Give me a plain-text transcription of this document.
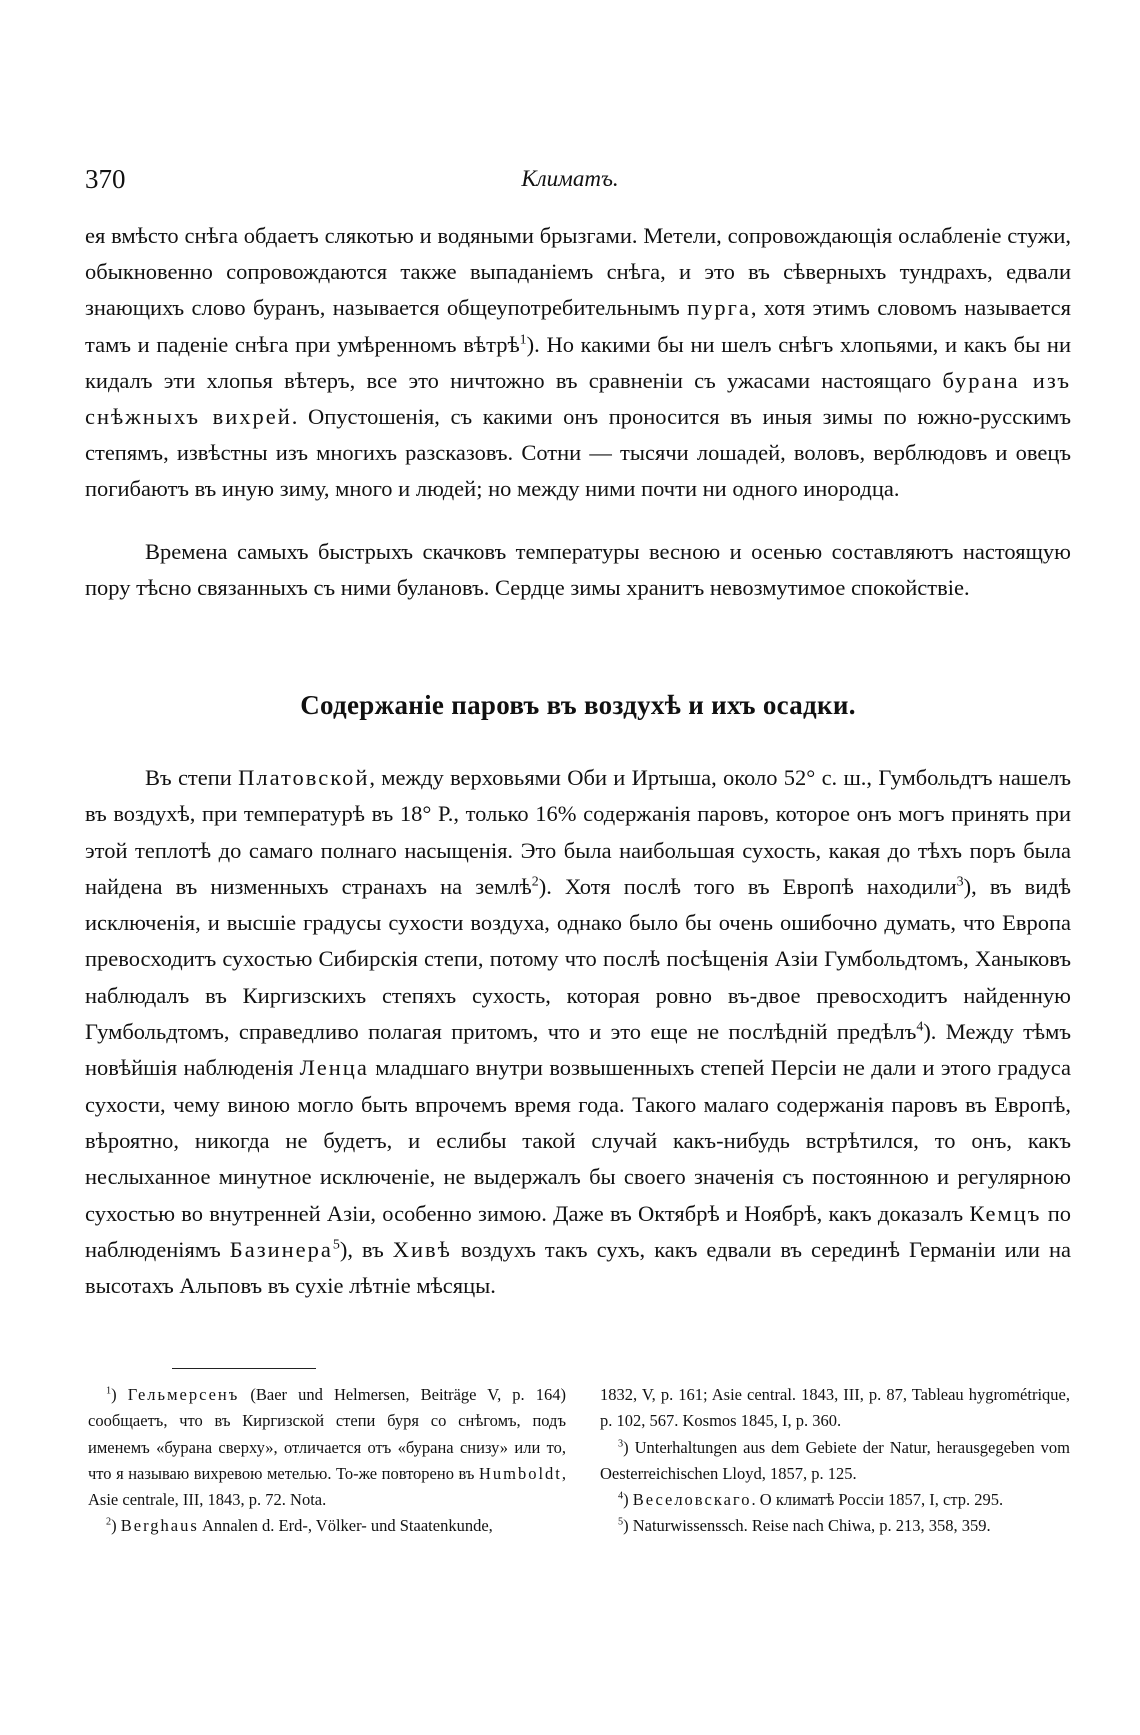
370	Климатъ.
ея вмѣсто снѣга обдаетъ слякотью и водяными брызгами. Метели, сопровождающія ослабленіе стужи, обыкновенно сопровождаются также выпаданіемъ снѣга, и это въ сѣверныхъ тундрахъ, едвали знающихъ слово буранъ, называется общеупотребительнымъ пурга, хотя этимъ словомъ называется тамъ и паденіе снѣга при умѣренномъ вѣтрѣ$^1$). Но какими бы ни шелъ снѣгъ хлопьями, и какъ бы ни кидалъ эти хлопья вѣтеръ, все это ничтожно въ сравненіи съ ужасами настоящаго бурана изъ снѣжныхъ вихрей. Опустошенія, съ какими онъ проносится въ иныя зимы по южно-русскимъ степямъ, извѣстны изъ многихъ разсказовъ. Сотни — тысячи лошадей, воловъ, верблюдовъ и овецъ погибаютъ въ иную зиму, много и людей; но между ними почти ни одного инородца.
Времена самыхъ быстрыхъ скачковъ температуры весною и осенью составляютъ настоящую пору тѣсно связанныхъ съ ними булановъ. Сердце зимы хранитъ невозмутимое спокойствіе.
Содержаніе паровъ въ воздухѣ и ихъ осадки.
Въ степи Платовской, между верховьями Оби и Иртыша, около 52° с. ш., Гумбольдтъ нашелъ въ воздухѣ, при температурѣ въ 18° Р., только 16% содержанія паровъ, которое онъ могъ принять при этой теплотѣ до самаго полнаго насыщенія. Это была наибольшая сухость, какая до тѣхъ поръ была найдена въ низменныхъ странахъ на землѣ$^2$). Хотя послѣ того въ Европѣ находили$^3$), въ видѣ исключенія, и высшіе градусы сухости воздуха, однако было бы очень ошибочно думать, что Европа превосходитъ сухостью Сибирскія степи, потому что послѣ посѣщенія Азіи Гумбольдтомъ, Ханыковъ наблюдалъ въ Киргизскихъ степяхъ сухость, которая ровно въ-двое превосходитъ найденную Гумбольдтомъ, справедливо полагая притомъ, что и это еще не послѣдній предѣлъ$^4$). Между тѣмъ новѣйшія наблюденія Ленца младшаго внутри возвышенныхъ степей Персіи не дали и этого градуса сухости, чему виною могло быть впрочемъ время года. Такого малаго содержанія паровъ въ Европѣ, вѣроятно, никогда не будетъ, и еслибы такой случай какъ-нибудь встрѣтился, то онъ, какъ неслыханное минутное исключеніе, не выдержалъ бы своего значенія съ постоянною и регулярною сухостью во внутренней Азіи, особенно зимою. Даже въ Октябрѣ и Ноябрѣ, какъ доказалъ Кемцъ по наблюденіямъ Базинера$^5$), въ Хивѣ воздухъ такъ сухъ, какъ едвали въ серединѣ Германіи или на высотахъ Альповъ въ сухіе лѣтніе мѣсяцы.

$^1$) Гельмерсенъ (Baer und Helmersen, Beiträge V, p. 164) сообщаетъ, что въ Киргизской степи буря со снѣгомъ, подъ именемъ «бурана сверху», отличается отъ «бурана снизу» или то, что я называю вихревою метелью. То-же повторено въ Humboldt, Asie centrale, III, 1843, p. 72. Nota.

$^2$) Berghaus Annalen d. Erd-, Völker- und Staatenkunde,

1832, V, p. 161; Asie central. 1843, III, p. 87, Tableau hygrométrique, p. 102, 567. Kosmos 1845, I, p. 360.

$^3$) Unterhaltungen aus dem Gebiete der Natur, herausgegeben vom Oesterreichischen Lloyd, 1857, p. 125.

$^4$) Веселовскаго. О климатѣ Россіи 1857, I, стр. 295.

$^5$) Naturwissenssch. Reise nach Chiwa, p. 213, 358, 359.
